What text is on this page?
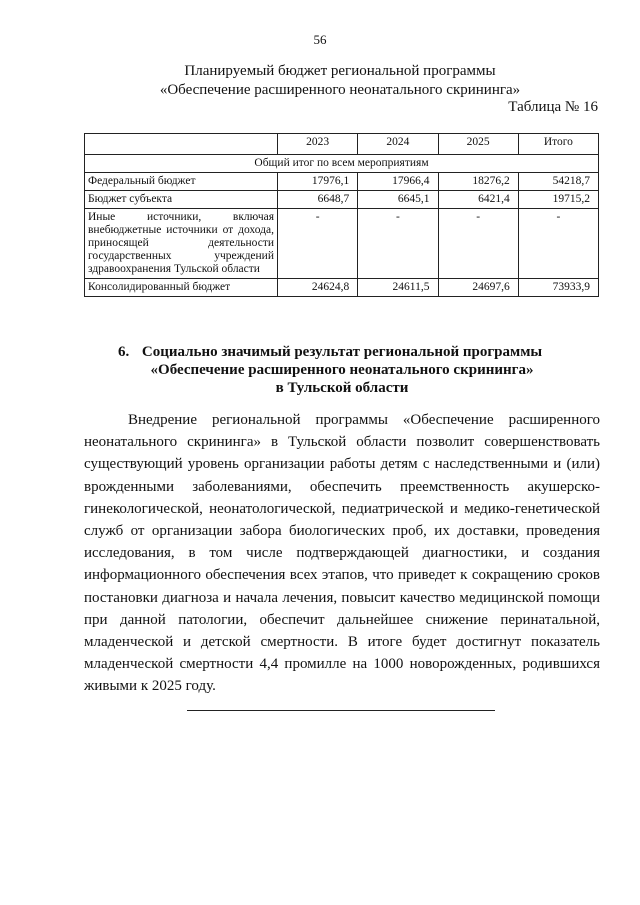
56
Планируемый бюджет региональной программы
«Обеспечение расширенного неонатального скрининга»
Таблица № 16
	2023	2024	2025	Итого
Общий итог по всем мероприятиям				
Федеральный бюджет	17976,1	17966,4	18276,2	54218,7
Бюджет субъекта	6648,7	6645,1	6421,4	19715,2
Иные источники, включая внебюджетные источники от дохода, приносящей деятельности государственных учреждений здравоохранения Тульской области	-	-	-	-
Консолидированный бюджет	24624,8	24611,5	24697,6	73933,9
6. Социально значимый результат региональной программы
«Обеспечение расширенного неонатального скрининга»
в Тульской области

Внедрение региональной программы «Обеспечение расширенного неонатального скрининга» в Тульской области позволит совершенствовать существующий уровень организации работы детям с наследственными и (или) врожденными заболеваниями, обеспечить преемственность акушерско-гинекологической, неонатологической, педиатрической и медико-генетической служб от организации забора биологических проб, их доставки, проведения исследования, в том числе подтверждающей диагностики, и создания информационного обеспечения всех этапов, что приведет к сокращению сроков постановки диагноза и начала лечения, повысит качество медицинской помощи при данной патологии, обеспечит дальнейшее снижение перинатальной, младенческой и детской смертности. В итоге будет достигнут показатель младенческой смертности 4,4 промилле на 1000 новорожденных, родившихся живыми к 2025 году.
